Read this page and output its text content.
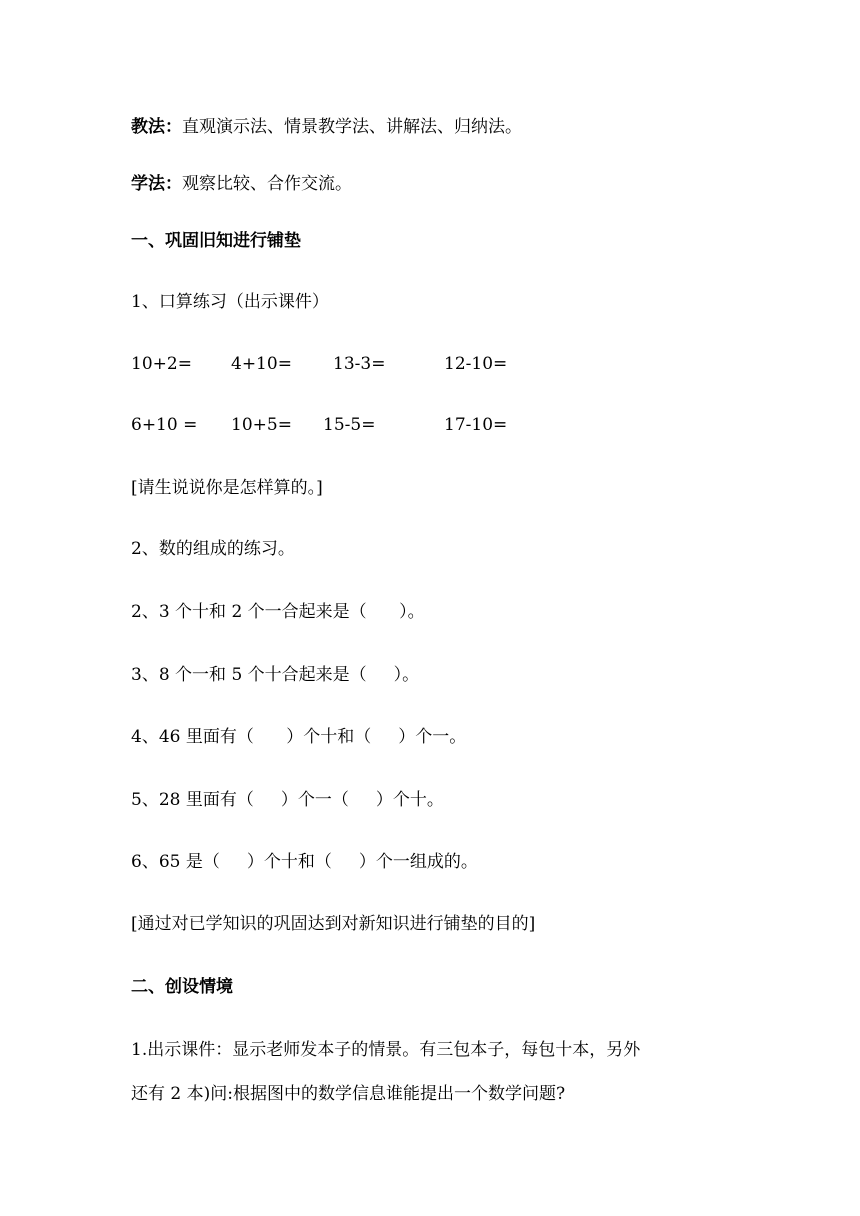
教法：直观演示法、情景教学法、讲解法、归纳法。

学法：观察比较、合作交流。

一、巩固旧知进行铺垫

1、口算练习（出示课件）

10+2= 4+10= 13-3=	12-10=
6+10 = 10+5= 15-5=	17-10=

[请生说说你是怎样算的。]

2、数的组成的练习。

2、3 个十和 2 个一合起来是（      ）。

3、8 个一和 5 个十合起来是（     ）。

4、46 里面有（      ）个十和（     ）个一。

5、28 里面有（     ）个一（     ）个十。

6、65 是（     ）个十和（     ）个一组成的。

[通过对已学知识的巩固达到对新知识进行铺垫的目的]

二、创设情境

1.出示课件：显示老师发本子的情景。有三包本子，每包十本，另外

还有 2 本)问:根据图中的数学信息谁能提出一个数学问题?
